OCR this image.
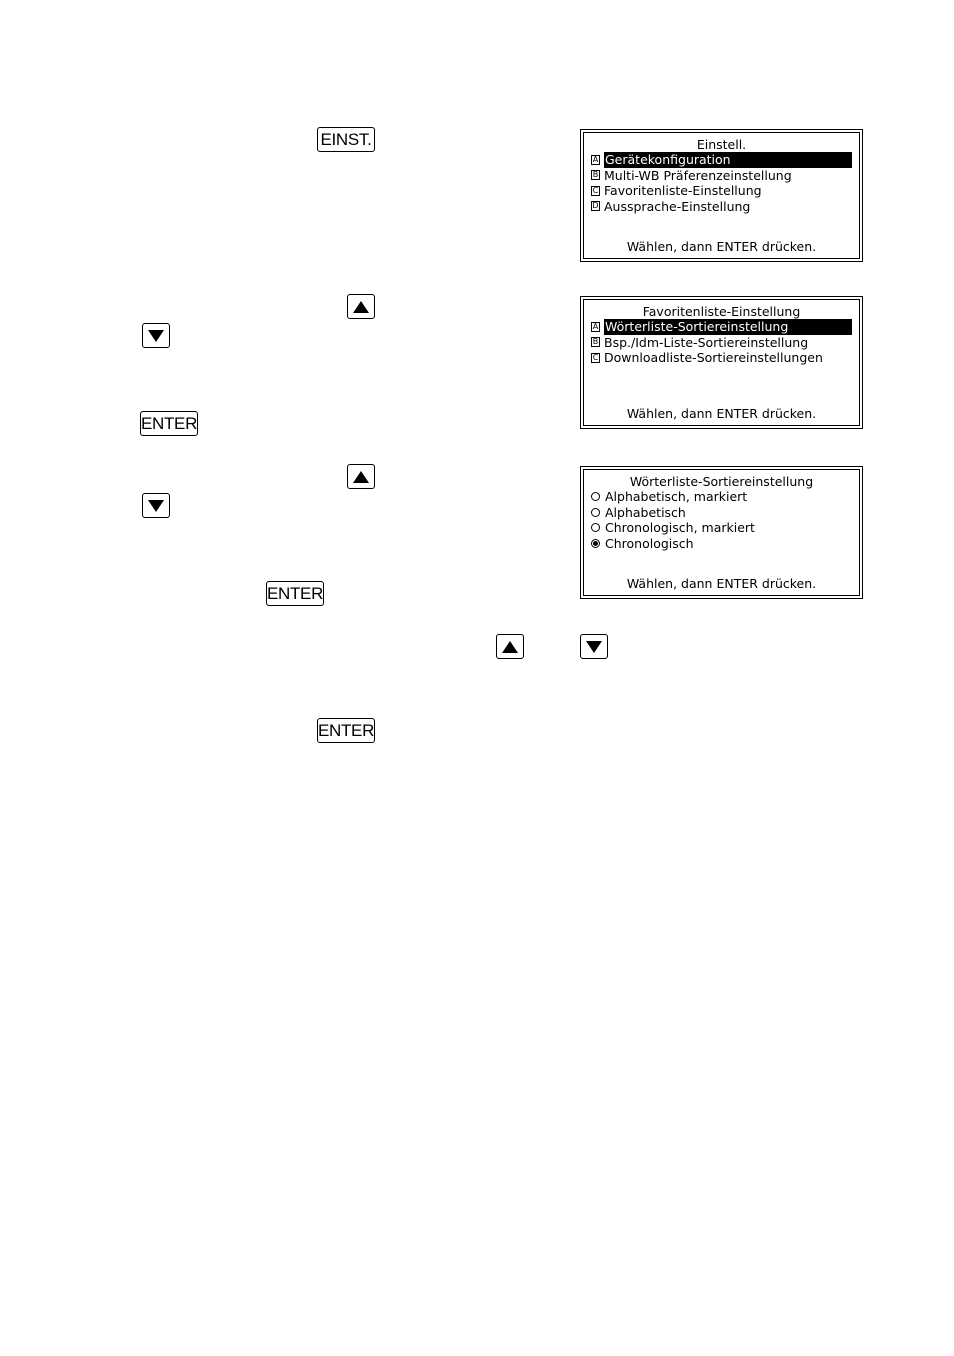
EINST.
ENTER
ENTER
ENTER
Einstell.
A Gerätekonfiguration
B Multi-WB Präferenzeinstellung
C Favoritenliste-Einstellung
D Aussprache-Einstellung
Wählen, dann ENTER drücken.
Favoritenliste-Einstellung
A Wörterliste-Sortiereinstellung
B Bsp./Idm-Liste-Sortiereinstellung
C Downloadliste-Sortiereinstellungen
Wählen, dann ENTER drücken.
Wörterliste-Sortiereinstellung
Alphabetisch, markiert
Alphabetisch
Chronologisch, markiert
Chronologisch
Wählen, dann ENTER drücken.
